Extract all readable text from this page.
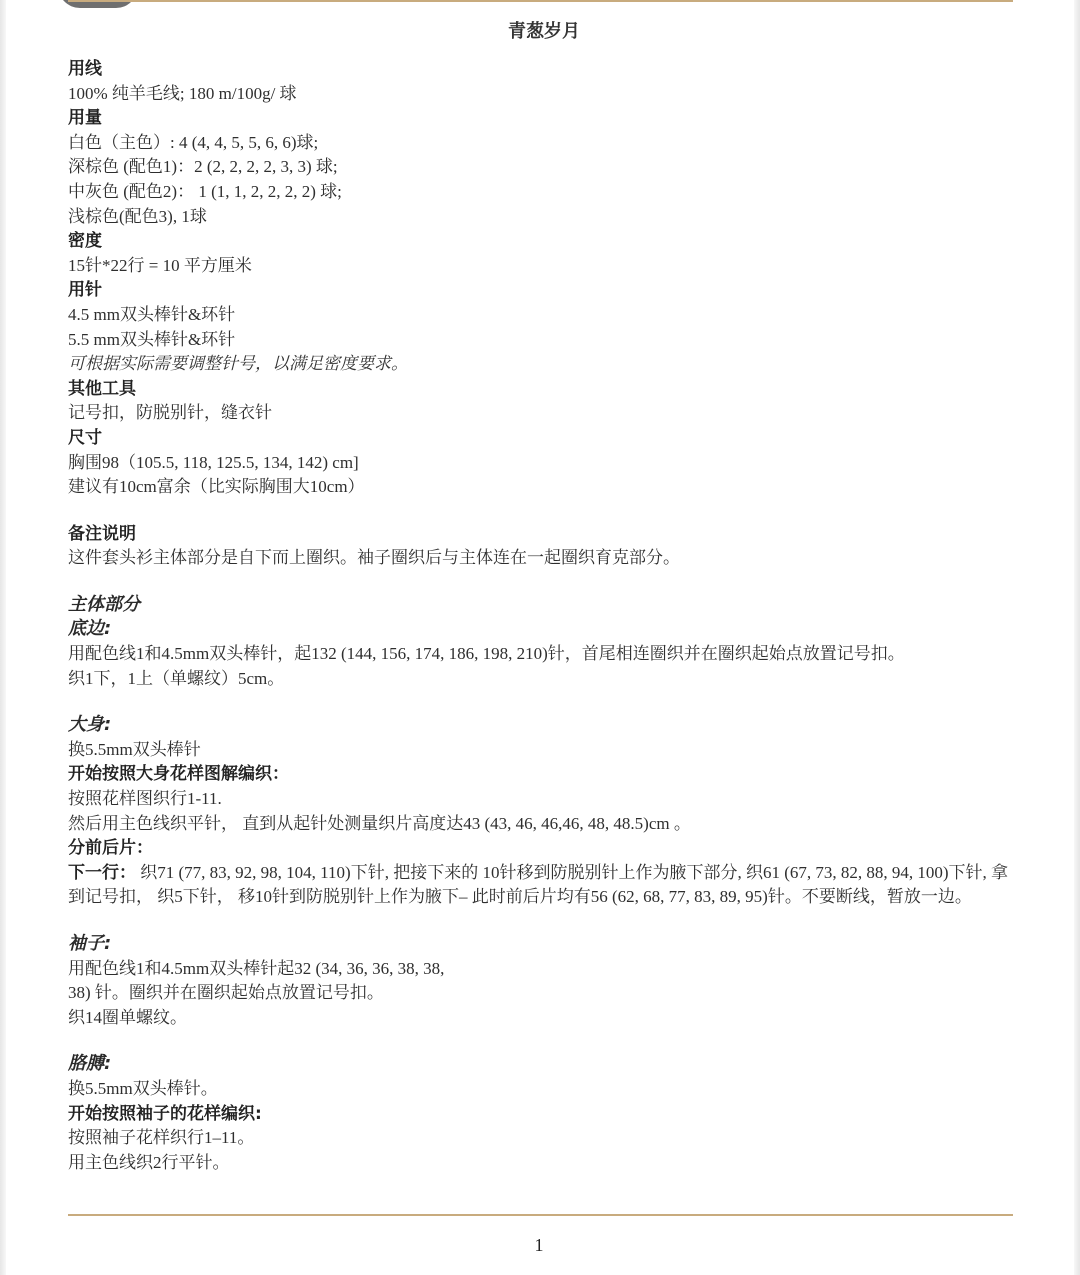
青葱岁月
用线
100% 纯羊毛线; 180 m/100g/ 球
用量
白色（主色）: 4 (4, 4, 5, 5, 6, 6)球;
深棕色 (配色1)：2 (2, 2, 2, 2, 3, 3) 球;
中灰色 (配色2)： 1 (1, 1, 2, 2, 2, 2) 球;
浅棕色(配色3), 1球
密度
15针*22行 = 10 平方厘米
用针
4.5 mm双头棒针&环针
5.5 mm双头棒针&环针
可根据实际需要调整针号，以满足密度要求。
其他工具
记号扣，防脱别针，缝衣针
尺寸
胸围98（105.5, 118, 125.5, 134, 142) cm]
建议有10cm富余（比实际胸围大10cm）
备注说明
这件套头衫主体部分是自下而上圈织。袖子圈织后与主体连在一起圈织育克部分。
主体部分
底边:
用配色线1和4.5mm双头棒针，起132 (144, 156, 174, 186, 198, 210)针，首尾相连圈织并在圈织起始点放置记号扣。
织1下，1上（单螺纹）5cm。
大身:
换5.5mm双头棒针
开始按照大身花样图解编织：
按照花样图织行1-11.
然后用主色线织平针， 直到从起针处测量织片高度达43 (43, 46, 46,46, 48, 48.5)cm 。
分前后片：
下一行： 织71 (77, 83, 92, 98, 104, 110)下针, 把接下来的 10针移到防脱别针上作为腋下部分, 织61 (67, 73, 82, 88, 94, 100)下针, 拿到记号扣， 织5下针， 移10针到防脱别针上作为腋下– 此时前后片均有56 (62, 68, 77, 83, 89, 95)针。不要断线，暂放一边。
袖子:
用配色线1和4.5mm双头棒针起32 (34, 36, 36, 38, 38,
38) 针。圈织并在圈织起始点放置记号扣。
织14圈单螺纹。
胳膊:
换5.5mm双头棒针。
开始按照袖子的花样编织:
按照袖子花样织行1–11。
用主色线织2行平针。
1
